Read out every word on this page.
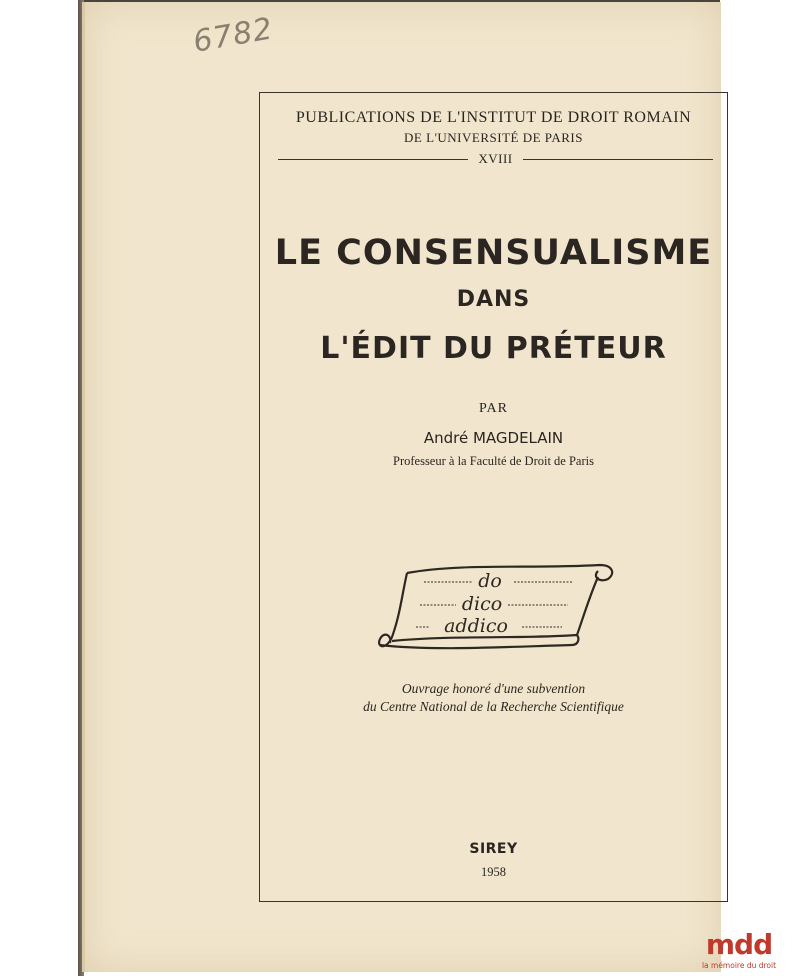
6782
PUBLICATIONS DE L'INSTITUT DE DROIT ROMAIN
DE L'UNIVERSITÉ DE PARIS
XVIII
LE CONSENSUALISME
DANS
L'ÉDIT DU PRÉTEUR
PAR
André MAGDELAIN
Professeur à la Faculté de Droit de Paris
do
dico
addico
Ouvrage honoré d'une subvention
du Centre National de la Recherche Scientifique
SIREY
1958
mdd
la mémoire du droit
